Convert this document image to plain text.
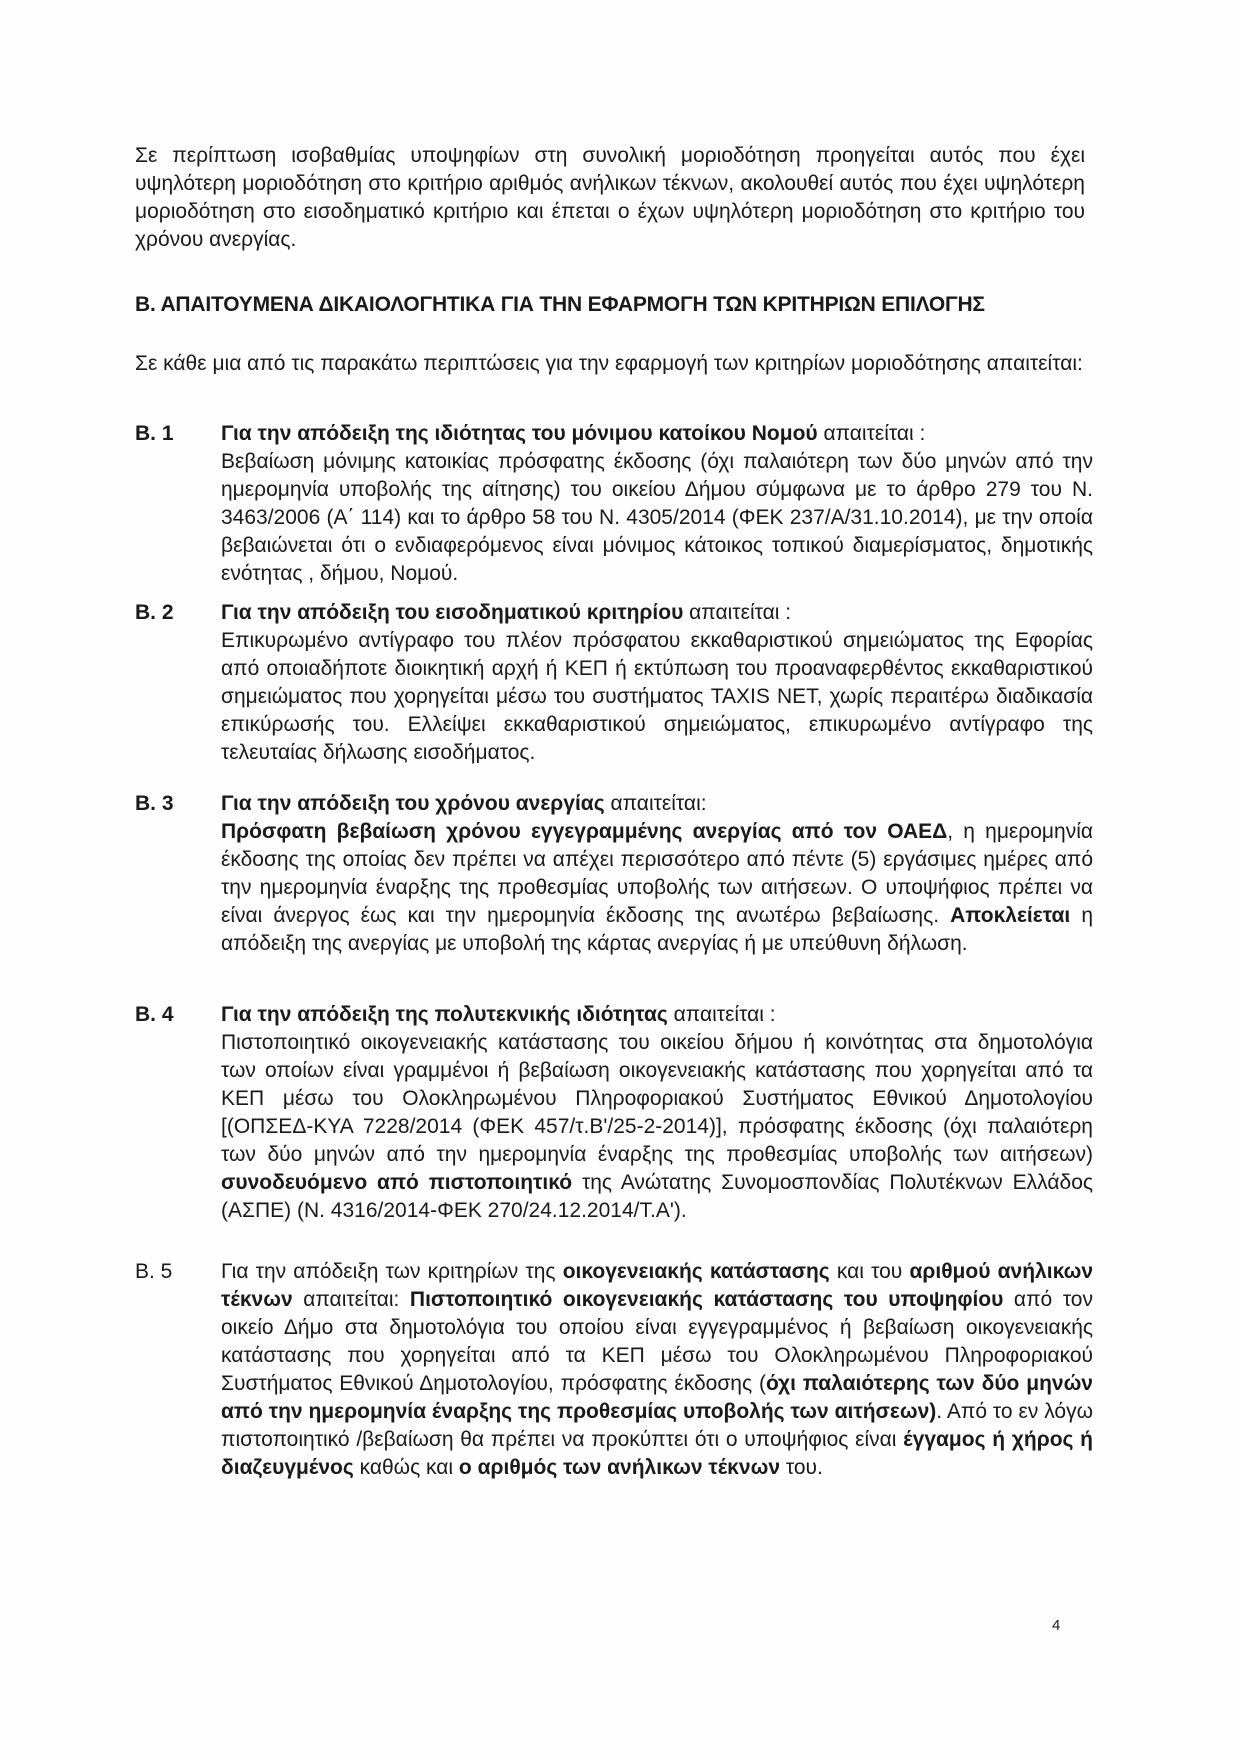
Σε περίπτωση ισοβαθμίας υποψηφίων στη συνολική μοριοδότηση προηγείται αυτός που έχει υψηλότερη μοριοδότηση στο κριτήριο αριθμός ανήλικων τέκνων, ακολουθεί αυτός που έχει υψηλότερη μοριοδότηση στο εισοδηματικό κριτήριο και έπεται ο έχων υψηλότερη μοριοδότηση στο κριτήριο του χρόνου ανεργίας.

Β. ΑΠΑΙΤΟΥΜΕΝΑ ΔΙΚΑΙΟΛΟΓΗΤΙΚΑ ΓΙΑ ΤΗΝ ΕΦΑΡΜΟΓΗ ΤΩΝ ΚΡΙΤΗΡΙΩΝ ΕΠΙΛΟΓΗΣ

Σε κάθε μια από τις παρακάτω περιπτώσεις για την εφαρμογή των κριτηρίων μοριοδότησης απαιτείται:

Β. 1	Για την απόδειξη της ιδιότητας του μόνιμου κατοίκου Νομού απαιτείται :
Βεβαίωση μόνιμης κατοικίας πρόσφατης έκδοσης (όχι παλαιότερη των δύο μηνών από την ημερομηνία υποβολής της αίτησης) του οικείου Δήμου σύμφωνα με το άρθρο 279 του Ν. 3463/2006 (Α΄ 114) και το άρθρο 58 του Ν. 4305/2014 (ΦΕΚ 237/Α/31.10.2014), με την οποία βεβαιώνεται ότι ο ενδιαφερόμενος είναι μόνιμος κάτοικος τοπικού διαμερίσματος, δημοτικής ενότητας , δήμου, Νομού.
Β. 2	Για την απόδειξη του εισοδηματικού κριτηρίου απαιτείται :
Επικυρωμένο αντίγραφο του πλέον πρόσφατου εκκαθαριστικού σημειώματος της Εφορίας από οποιαδήποτε διοικητική αρχή ή ΚΕΠ ή εκτύπωση του προαναφερθέντος εκκαθαριστικού σημειώματος που χορηγείται μέσω του συστήματος TAXIS NET, χωρίς περαιτέρω διαδικασία επικύρωσής του. Ελλείψει εκκαθαριστικού σημειώματος, επικυρωμένο αντίγραφο της τελευταίας δήλωσης εισοδήματος.
Β. 3	Για την απόδειξη του χρόνου ανεργίας απαιτείται:
Πρόσφατη βεβαίωση χρόνου εγγεγραμμένης ανεργίας από τον ΟΑΕΔ, η ημερομηνία έκδοσης της οποίας δεν πρέπει να απέχει περισσότερο από πέντε (5) εργάσιμες ημέρες από την ημερομηνία έναρξης της προθεσμίας υποβολής των αιτήσεων. Ο υποψήφιος πρέπει να είναι άνεργος έως και την ημερομηνία έκδοσης της ανωτέρω βεβαίωσης. Αποκλείεται η απόδειξη της ανεργίας με υποβολή της κάρτας ανεργίας ή με υπεύθυνη δήλωση.
Β. 4	Για την απόδειξη της πολυτεκνικής ιδιότητας απαιτείται :
Πιστοποιητικό οικογενειακής κατάστασης του οικείου δήμου ή κοινότητας στα δημοτολόγια των οποίων είναι γραμμένοι ή βεβαίωση οικογενειακής κατάστασης που χορηγείται από τα ΚΕΠ μέσω του Ολοκληρωμένου Πληροφοριακού Συστήματος Εθνικού Δημοτολογίου [(ΟΠΣΕΔ-ΚΥΑ 7228/2014 (ΦΕΚ 457/τ.Β'/25-2-2014)], πρόσφατης έκδοσης (όχι παλαιότερη των δύο μηνών από την ημερομηνία έναρξης της προθεσμίας υποβολής των αιτήσεων) συνοδευόμενο από πιστοποιητικό της Ανώτατης Συνομοσπονδίας Πολυτέκνων Ελλάδος (ΑΣΠΕ) (Ν. 4316/2014-ΦΕΚ 270/24.12.2014/Τ.Α').
Β. 5	Για την απόδειξη των κριτηρίων της οικογενειακής κατάστασης και του αριθμού ανήλικων τέκνων απαιτείται: Πιστοποιητικό οικογενειακής κατάστασης του υποψηφίου από τον οικείο Δήμο στα δημοτολόγια του οποίου είναι εγγεγραμμένος ή βεβαίωση οικογενειακής κατάστασης που χορηγείται από τα ΚΕΠ μέσω του Ολοκληρωμένου Πληροφοριακού Συστήματος Εθνικού Δημοτολογίου, πρόσφατης έκδοσης (όχι παλαιότερης των δύο μηνών από την ημερομηνία έναρξης της προθεσμίας υποβολής των αιτήσεων). Από το εν λόγω πιστοποιητικό /βεβαίωση θα πρέπει να προκύπτει ότι ο υποψήφιος είναι έγγαμος ή χήρος ή διαζευγμένος καθώς και ο αριθμός των ανήλικων τέκνων του.
4
